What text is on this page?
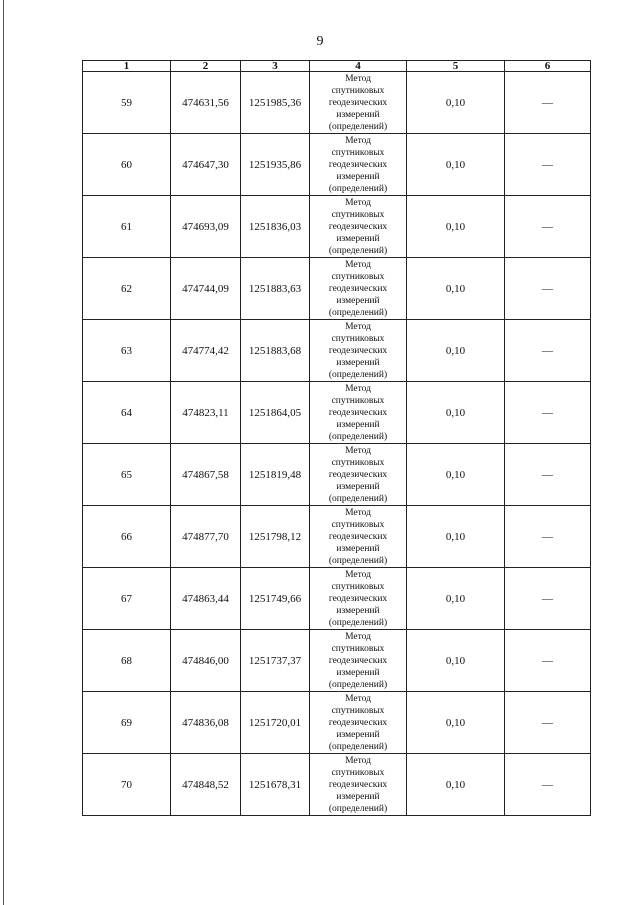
9
1	2	3	4	5	6
59	474631,56	1251985,36	Метод
спутниковых
геодезических
измерений
(определений)	0,10	—
60	474647,30	1251935,86	Метод
спутниковых
геодезических
измерений
(определений)	0,10	—
61	474693,09	1251836,03	Метод
спутниковых
геодезических
измерений
(определений)	0,10	—
62	474744,09	1251883,63	Метод
спутниковых
геодезических
измерений
(определений)	0,10	—
63	474774,42	1251883,68	Метод
спутниковых
геодезических
измерений
(определений)	0,10	—
64	474823,11	1251864,05	Метод
спутниковых
геодезических
измерений
(определений)	0,10	—
65	474867,58	1251819,48	Метод
спутниковых
геодезических
измерений
(определений)	0,10	—
66	474877,70	1251798,12	Метод
спутниковых
геодезических
измерений
(определений)	0,10	—
67	474863,44	1251749,66	Метод
спутниковых
геодезических
измерений
(определений)	0,10	—
68	474846,00	1251737,37	Метод
спутниковых
геодезических
измерений
(определений)	0,10	—
69	474836,08	1251720,01	Метод
спутниковых
геодезических
измерений
(определений)	0,10	—
70	474848,52	1251678,31	Метод
спутниковых
геодезических
измерений
(определений)	0,10	—
